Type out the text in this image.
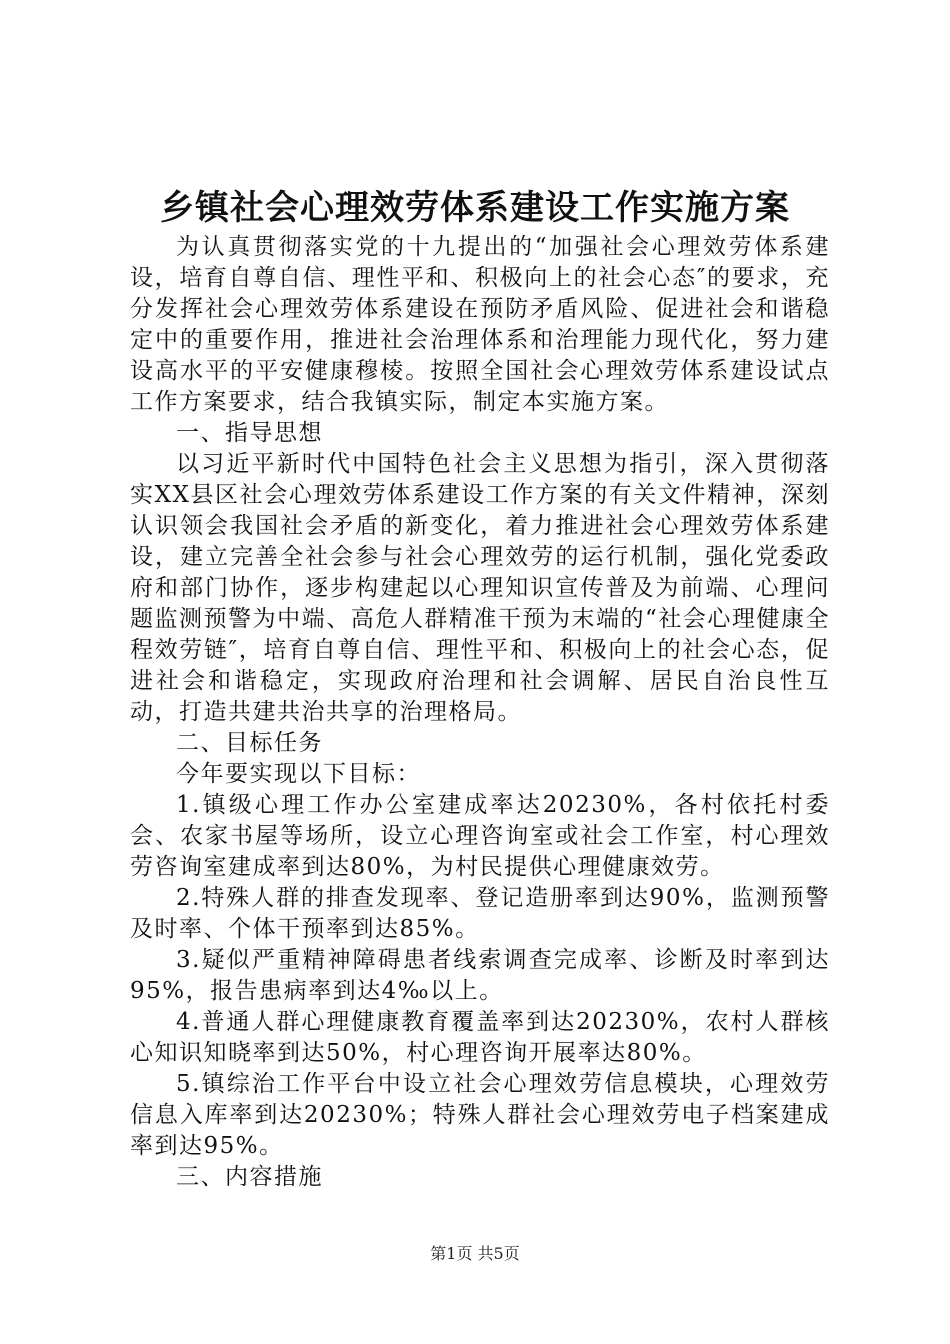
乡镇社会心理效劳体系建设工作实施方案

为认真贯彻落实党的十九提出的“加强社会心理效劳体系建设，培育自尊自信、理性平和、积极向上的社会心态″的要求，充分发挥社会心理效劳体系建设在预防矛盾风险、促进社会和谐稳定中的重要作用，推进社会治理体系和治理能力现代化，努力建设高水平的平安健康穆棱。按照全国社会心理效劳体系建设试点工作方案要求，结合我镇实际，制定本实施方案。

一、指导思想

以习近平新时代中国特色社会主义思想为指引，深入贯彻落实XX县区社会心理效劳体系建设工作方案的有关文件精神，深刻认识领会我国社会矛盾的新变化，着力推进社会心理效劳体系建设，建立完善全社会参与社会心理效劳的运行机制，强化党委政府和部门协作，逐步构建起以心理知识宣传普及为前端、心理问题监测预警为中端、高危人群精准干预为末端的“社会心理健康全程效劳链″，培育自尊自信、理性平和、积极向上的社会心态，促进社会和谐稳定，实现政府治理和社会调解、居民自治良性互动，打造共建共治共享的治理格局。

二、目标任务

今年要实现以下目标：

1.镇级心理工作办公室建成率达20230%，各村依托村委会、农家书屋等场所，设立心理咨询室或社会工作室，村心理效劳咨询室建成率到达80%，为村民提供心理健康效劳。

2.特殊人群的排查发现率、登记造册率到达90%，监测预警及时率、个体干预率到达85%。

3.疑似严重精神障碍患者线索调查完成率、诊断及时率到达95%，报告患病率到达4‰以上。

4.普通人群心理健康教育覆盖率到达20230%，农村人群核心知识知晓率到达50%，村心理咨询开展率达80%。

5.镇综治工作平台中设立社会心理效劳信息模块，心理效劳信息入库率到达20230%；特殊人群社会心理效劳电子档案建成率到达95%。

三、内容措施

第1页 共5页
